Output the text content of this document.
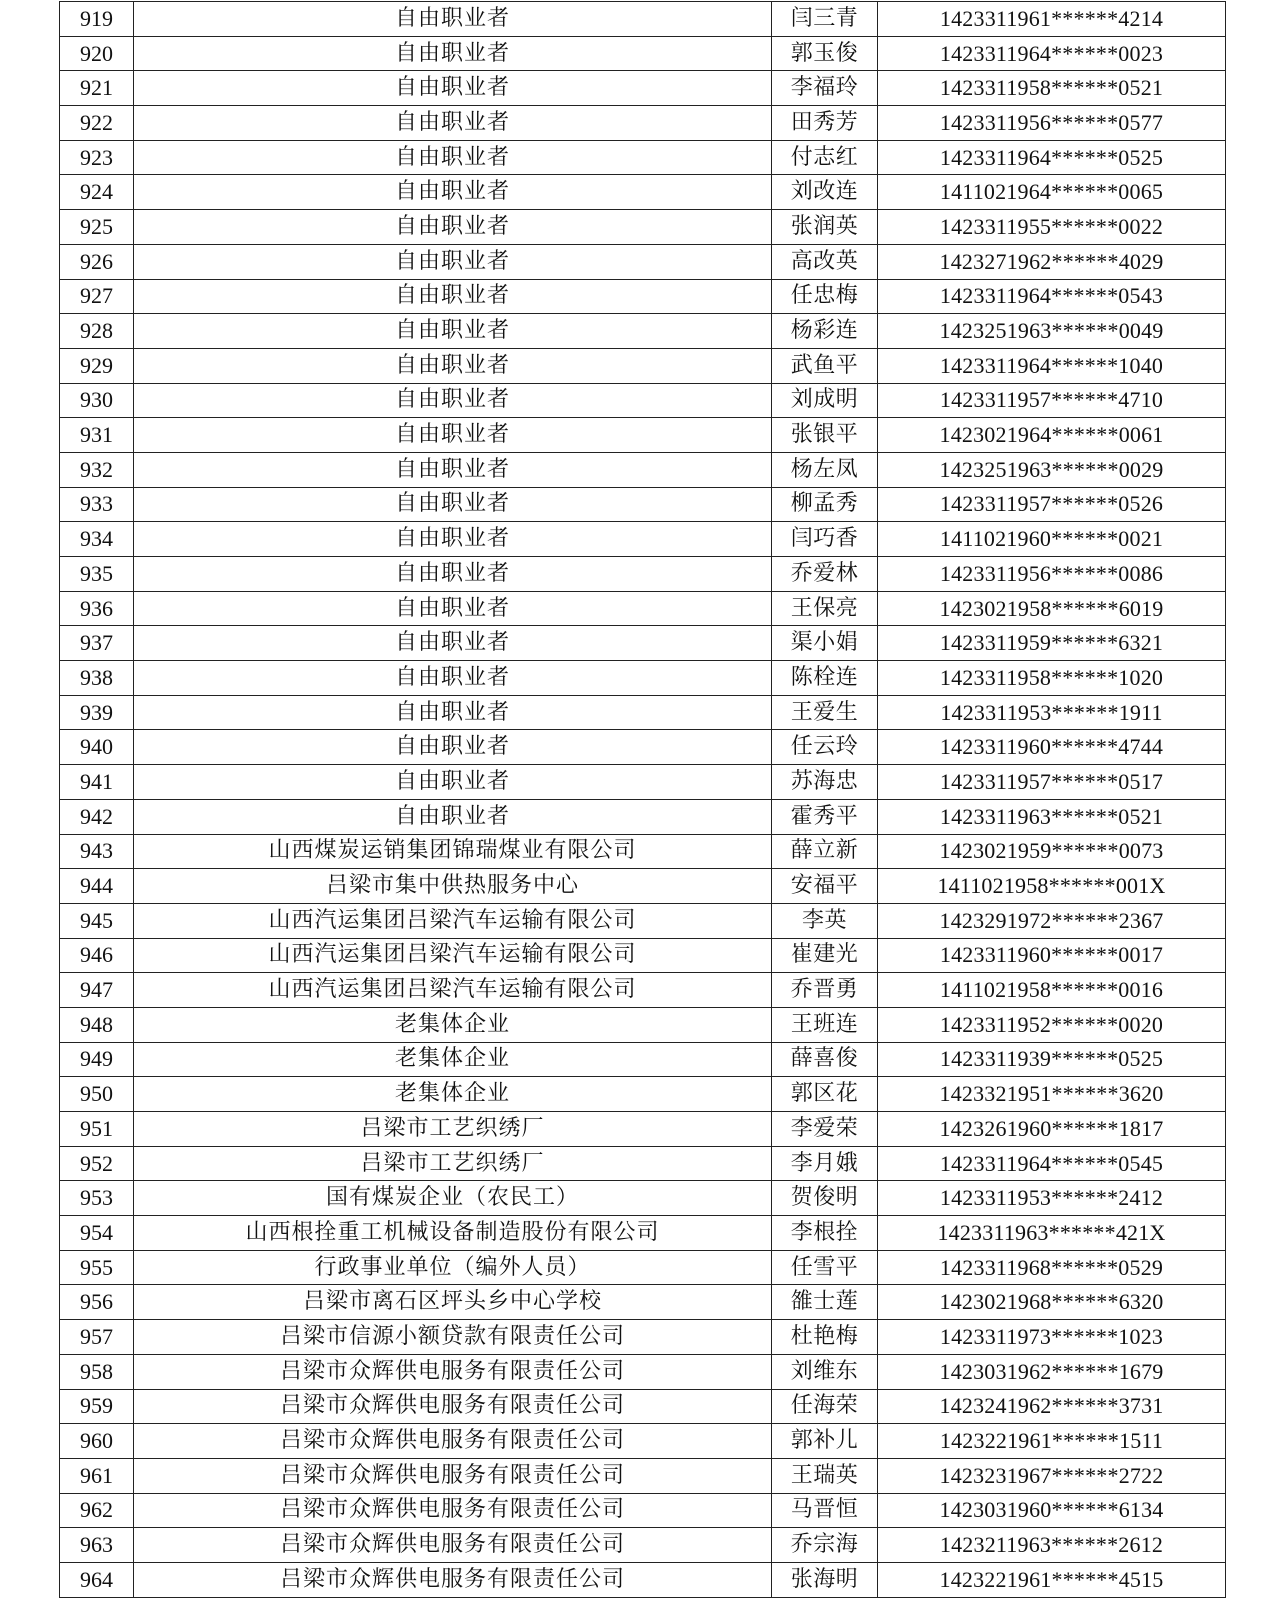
919	自由职业者	闫三青	1423311961******4214
920	自由职业者	郭玉俊	1423311964******0023
921	自由职业者	李福玲	1423311958******0521
922	自由职业者	田秀芳	1423311956******0577
923	自由职业者	付志红	1423311964******0525
924	自由职业者	刘改连	1411021964******0065
925	自由职业者	张润英	1423311955******0022
926	自由职业者	高改英	1423271962******4029
927	自由职业者	任忠梅	1423311964******0543
928	自由职业者	杨彩连	1423251963******0049
929	自由职业者	武鱼平	1423311964******1040
930	自由职业者	刘成明	1423311957******4710
931	自由职业者	张银平	1423021964******0061
932	自由职业者	杨左凤	1423251963******0029
933	自由职业者	柳孟秀	1423311957******0526
934	自由职业者	闫巧香	1411021960******0021
935	自由职业者	乔爱林	1423311956******0086
936	自由职业者	王保亮	1423021958******6019
937	自由职业者	渠小娟	1423311959******6321
938	自由职业者	陈栓连	1423311958******1020
939	自由职业者	王爱生	1423311953******1911
940	自由职业者	任云玲	1423311960******4744
941	自由职业者	苏海忠	1423311957******0517
942	自由职业者	霍秀平	1423311963******0521
943	山西煤炭运销集团锦瑞煤业有限公司	薛立新	1423021959******0073
944	吕梁市集中供热服务中心	安福平	1411021958******001X
945	山西汽运集团吕梁汽车运输有限公司	李英	1423291972******2367
946	山西汽运集团吕梁汽车运输有限公司	崔建光	1423311960******0017
947	山西汽运集团吕梁汽车运输有限公司	乔晋勇	1411021958******0016
948	老集体企业	王班连	1423311952******0020
949	老集体企业	薛喜俊	1423311939******0525
950	老集体企业	郭区花	1423321951******3620
951	吕梁市工艺织绣厂	李爱荣	1423261960******1817
952	吕梁市工艺织绣厂	李月娥	1423311964******0545
953	国有煤炭企业（农民工）	贺俊明	1423311953******2412
954	山西根拴重工机械设备制造股份有限公司	李根拴	1423311963******421X
955	行政事业单位（编外人员）	任雪平	1423311968******0529
956	吕梁市离石区坪头乡中心学校	雒士莲	1423021968******6320
957	吕梁市信源小额贷款有限责任公司	杜艳梅	1423311973******1023
958	吕梁市众辉供电服务有限责任公司	刘维东	1423031962******1679
959	吕梁市众辉供电服务有限责任公司	任海荣	1423241962******3731
960	吕梁市众辉供电服务有限责任公司	郭补儿	1423221961******1511
961	吕梁市众辉供电服务有限责任公司	王瑞英	1423231967******2722
962	吕梁市众辉供电服务有限责任公司	马晋恒	1423031960******6134
963	吕梁市众辉供电服务有限责任公司	乔宗海	1423211963******2612
964	吕梁市众辉供电服务有限责任公司	张海明	1423221961******4515
